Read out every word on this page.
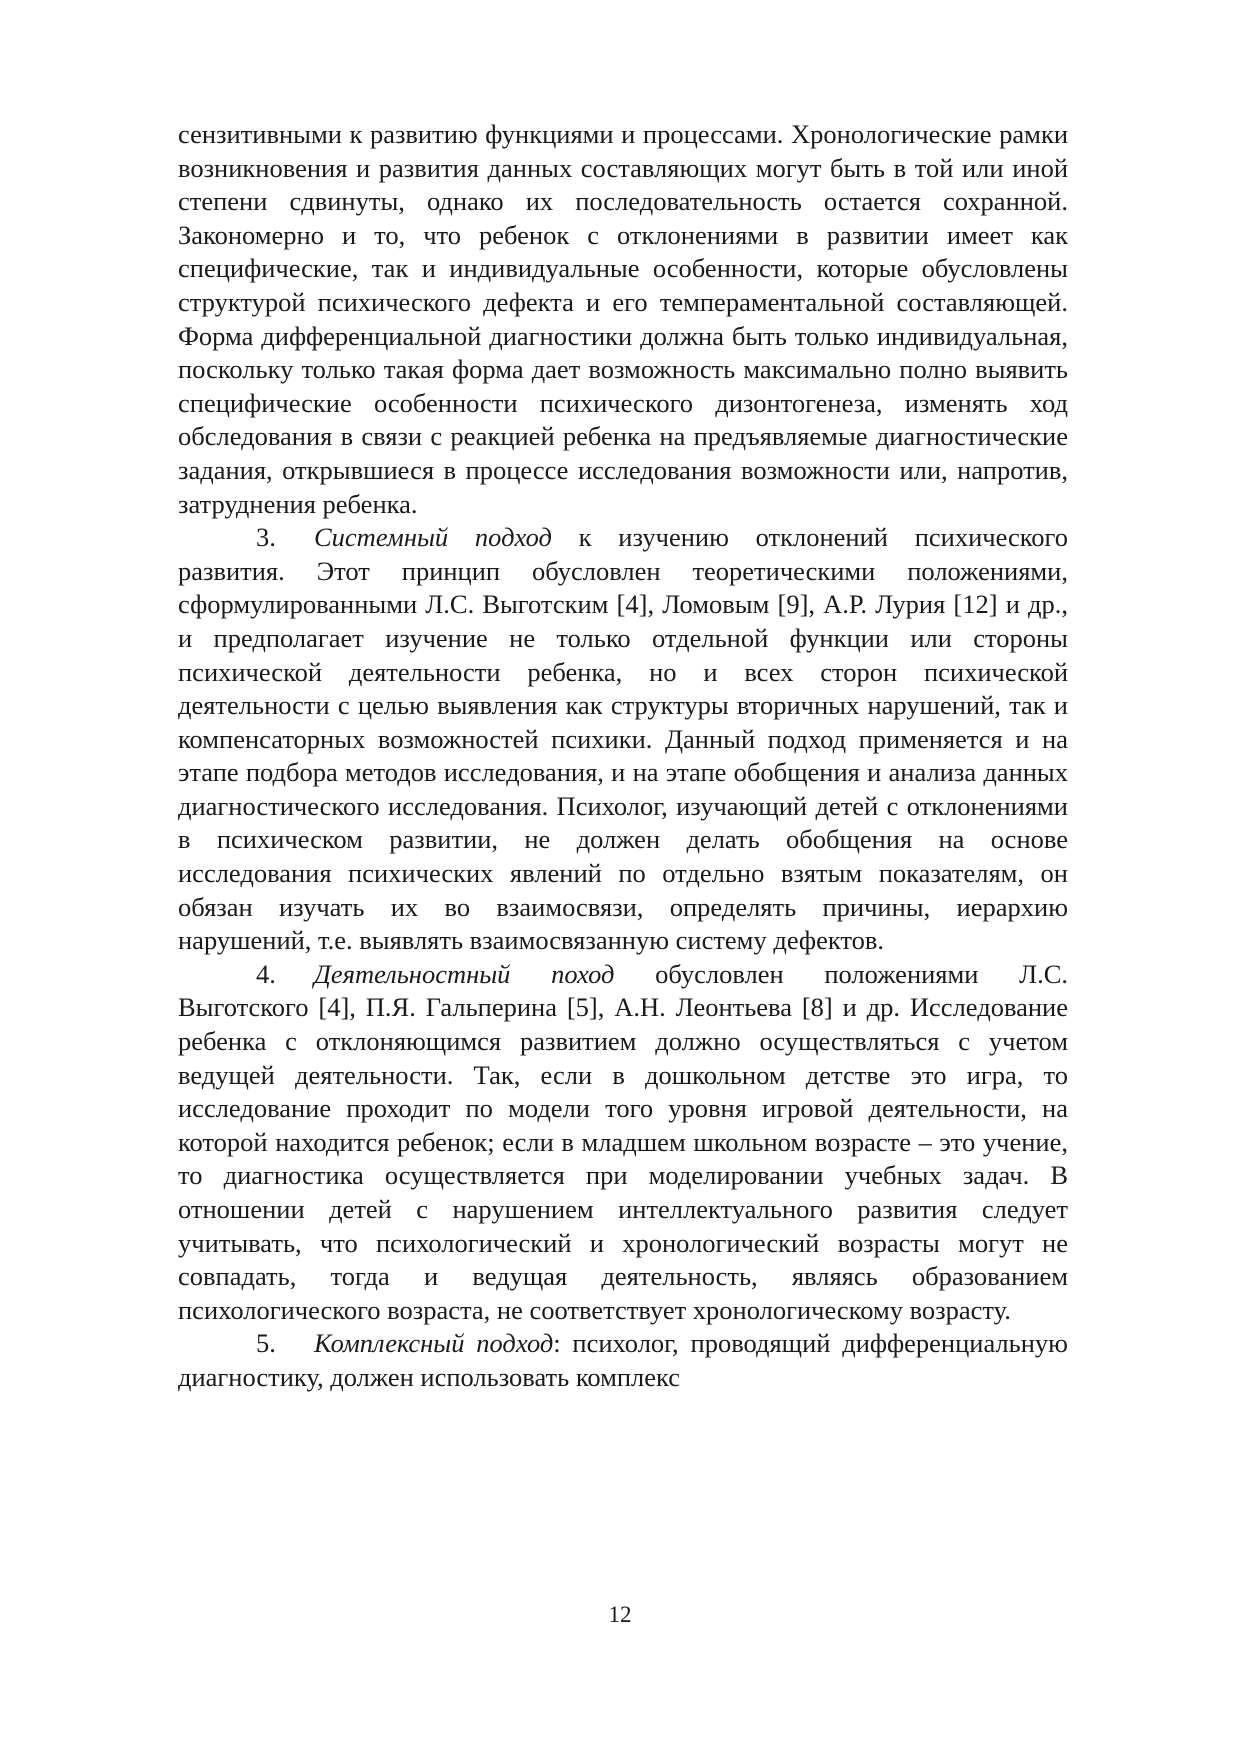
сензитивными к развитию функциями и процессами. Хронологические рамки возникновения и развития данных составляющих могут быть в той или иной степени сдвинуты, однако их последовательность остается сохранной. Закономерно и то, что ребенок с отклонениями в развитии имеет как специфические, так и индивидуальные особенности, которые обусловлены структурой психического дефекта и его темпераментальной составляющей. Форма дифференциальной диагностики должна быть только индивидуальная, поскольку только такая форма дает возможность максимально полно выявить специфические особенности психического дизонтогенеза, изменять ход обследования в связи с реакцией ребенка на предъявляемые диагностические задания, открывшиеся в процессе исследования возможности или, напротив, затруднения ребенка.

3. Системный подход к изучению отклонений психического развития. Этот принцип обусловлен теоретическими положениями, сформулированными Л.С. Выготским [4], Ломовым [9], А.Р. Лурия [12] и др., и предполагает изучение не только отдельной функции или стороны психической деятельности ребенка, но и всех сторон психической деятельности с целью выявления как структуры вторичных нарушений, так и компенсаторных возможностей психики. Данный подход применяется и на этапе подбора методов исследования, и на этапе обобщения и анализа данных диагностического исследования. Психолог, изучающий детей с отклонениями в психическом развитии, не должен делать обобщения на основе исследования психических явлений по отдельно взятым показателям, он обязан изучать их во взаимосвязи, определять причины, иерархию нарушений, т.е. выявлять взаимосвязанную систему дефектов.

4. Деятельностный поход обусловлен положениями Л.С. Выготского [4], П.Я. Гальперина [5], А.Н. Леонтьева [8] и др. Исследование ребенка с отклоняющимся развитием должно осуществляться с учетом ведущей деятельности. Так, если в дошкольном детстве это игра, то исследование проходит по модели того уровня игровой деятельности, на которой находится ребенок; если в младшем школьном возрасте – это учение, то диагностика осуществляется при моделировании учебных задач. В отношении детей с нарушением интеллектуального развития следует учитывать, что психологический и хронологический возрасты могут не совпадать, тогда и ведущая деятельность, являясь образованием психологического возраста, не соответствует хронологическому возрасту.

5. Комплексный подход: психолог, проводящий дифференциальную диагностику, должен использовать комплекс

12
